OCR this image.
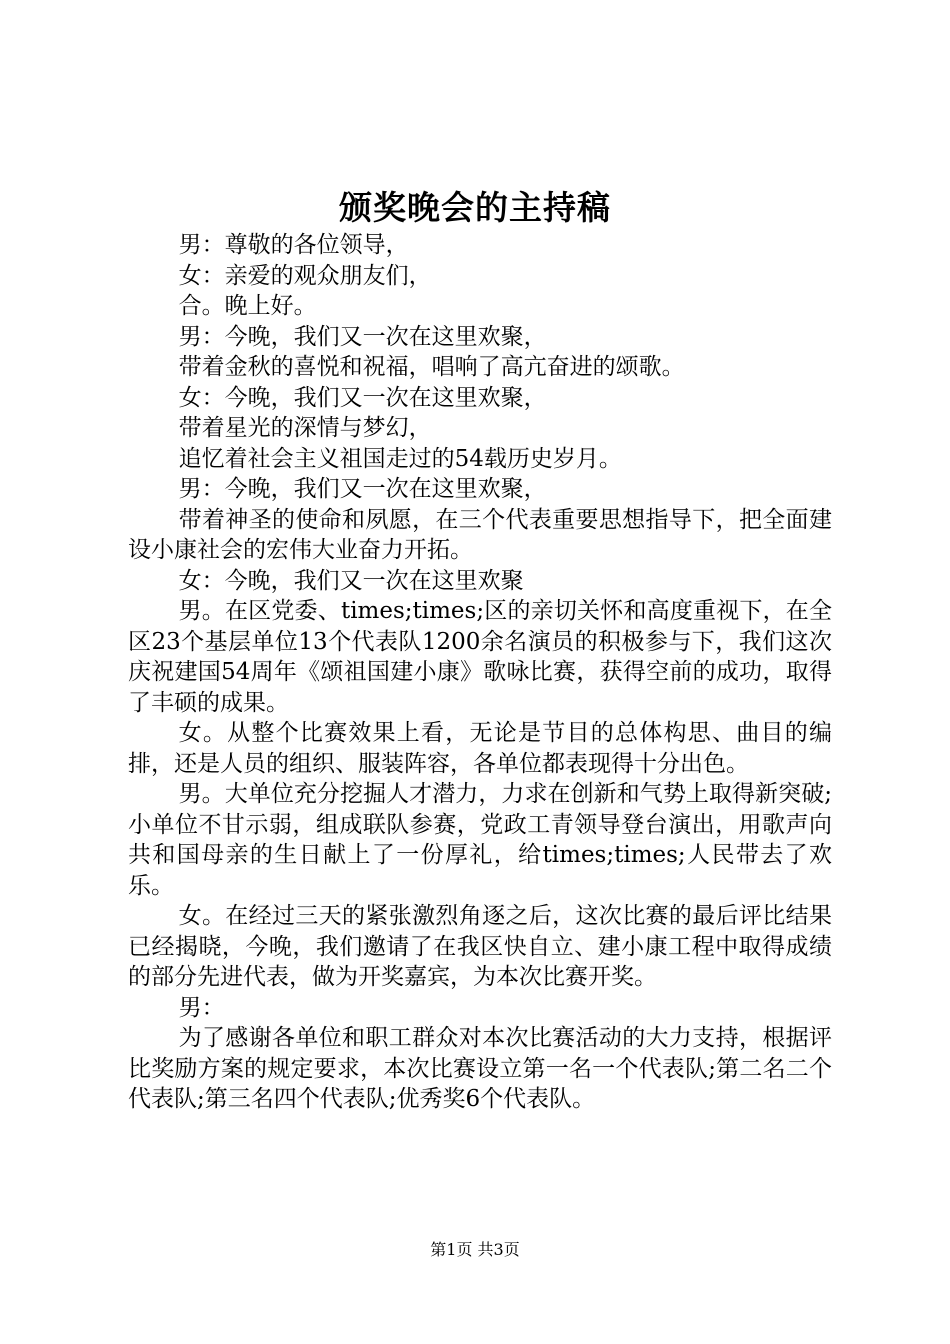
颁奖晚会的主持稿

男：尊敬的各位领导，

女：亲爱的观众朋友们，

合。晚上好。

男：今晚，我们又一次在这里欢聚，

带着金秋的喜悦和祝福，唱响了高亢奋进的颂歌。

女：今晚，我们又一次在这里欢聚，

带着星光的深情与梦幻，

追忆着社会主义祖国走过的54载历史岁月。

男：今晚，我们又一次在这里欢聚，

带着神圣的使命和夙愿，在三个代表重要思想指导下，把全面建设小康社会的宏伟大业奋力开拓。

女：今晚，我们又一次在这里欢聚

男。在区党委、times;times;区的亲切关怀和高度重视下，在全区23个基层单位13个代表队1200余名演员的积极参与下，我们这次庆祝建国54周年《颂祖国建小康》歌咏比赛，获得空前的成功，取得了丰硕的成果。

女。从整个比赛效果上看，无论是节目的总体构思、曲目的编排，还是人员的组织、服装阵容，各单位都表现得十分出色。

男。大单位充分挖掘人才潜力，力求在创新和气势上取得新突破;小单位不甘示弱，组成联队参赛，党政工青领导登台演出，用歌声向共和国母亲的生日献上了一份厚礼，给times;times;人民带去了欢乐。

女。在经过三天的紧张激烈角逐之后，这次比赛的最后评比结果已经揭晓，今晚，我们邀请了在我区快自立、建小康工程中取得成绩的部分先进代表，做为开奖嘉宾，为本次比赛开奖。

男：

为了感谢各单位和职工群众对本次比赛活动的大力支持，根据评比奖励方案的规定要求，本次比赛设立第一名一个代表队;第二名二个代表队;第三名四个代表队;优秀奖6个代表队。

第1页 共3页
